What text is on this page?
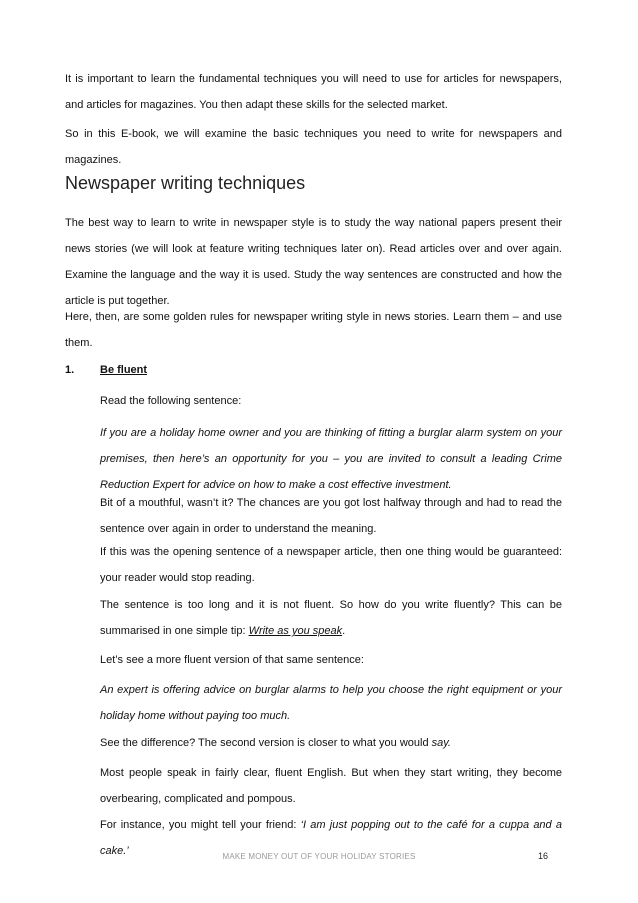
It is important to learn the fundamental techniques you will need to use for articles for newspapers, and articles for magazines. You then adapt these skills for the selected market.

So in this E-book, we will examine the basic techniques you need to write for newspapers and magazines.

Newspaper writing techniques

The best way to learn to write in newspaper style is to study the way national papers present their news stories (we will look at feature writing techniques later on). Read articles over and over again. Examine the language and the way it is used. Study the way sentences are constructed and how the article is put together.

Here, then, are some golden rules for newspaper writing style in news stories. Learn them – and use them.

1. Be fluent

Read the following sentence:

If you are a holiday home owner and you are thinking of fitting a burglar alarm system on your premises, then here’s an opportunity for you – you are invited to consult a leading Crime Reduction Expert for advice on how to make a cost effective investment.

Bit of a mouthful, wasn’t it? The chances are you got lost halfway through and had to read the sentence over again in order to understand the meaning.

If this was the opening sentence of a newspaper article, then one thing would be guaranteed: your reader would stop reading.

The sentence is too long and it is not fluent. So how do you write fluently? This can be summarised in one simple tip: Write as you speak.

Let’s see a more fluent version of that same sentence:

An expert is offering advice on burglar alarms to help you choose the right equipment or your holiday home without paying too much.

See the difference? The second version is closer to what you would say.

Most people speak in fairly clear, fluent English. But when they start writing, they become overbearing, complicated and pompous.

For instance, you might tell your friend: ‘I am just popping out to the café for a cuppa and a cake.’	MAKE MONEY OUT OF YOUR HOLIDAY STORIES	16
